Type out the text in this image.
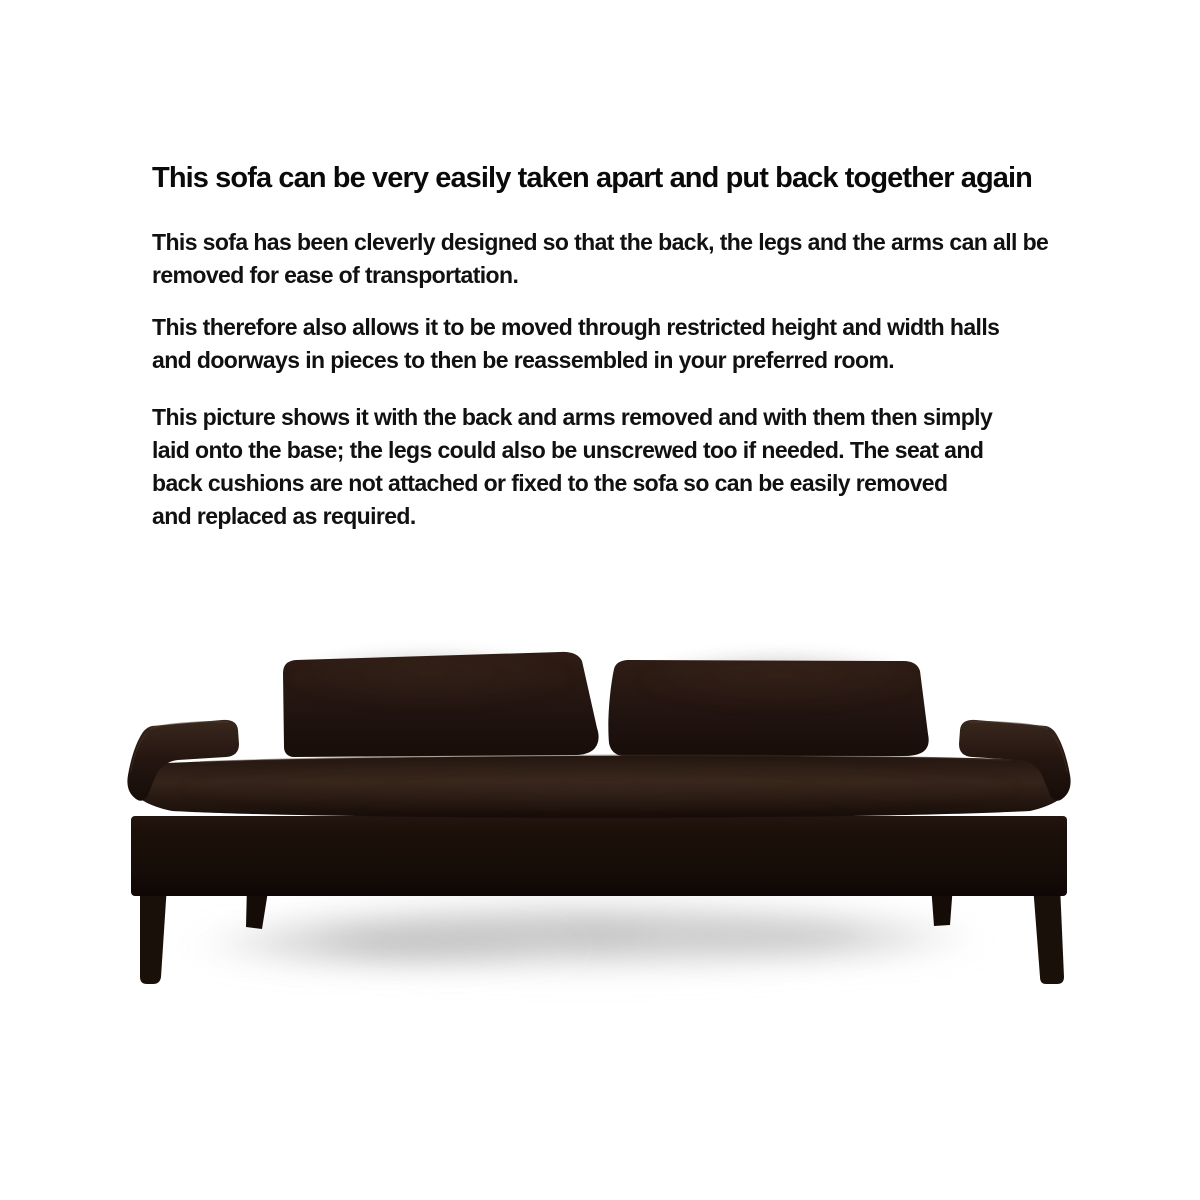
This sofa can be very easily taken apart and put back together again
This sofa has been cleverly designed so that the back, the legs and the arms can all be
removed for ease of transportation.
This therefore also allows it to be moved through restricted height and width halls
and doorways in pieces to then be reassembled in your preferred room.
This picture shows it with the back and arms removed and with them then simply
laid onto the base; the legs could also be unscrewed too if needed. The seat and
back cushions are not attached or fixed to the sofa so can be easily removed
and replaced as required.
